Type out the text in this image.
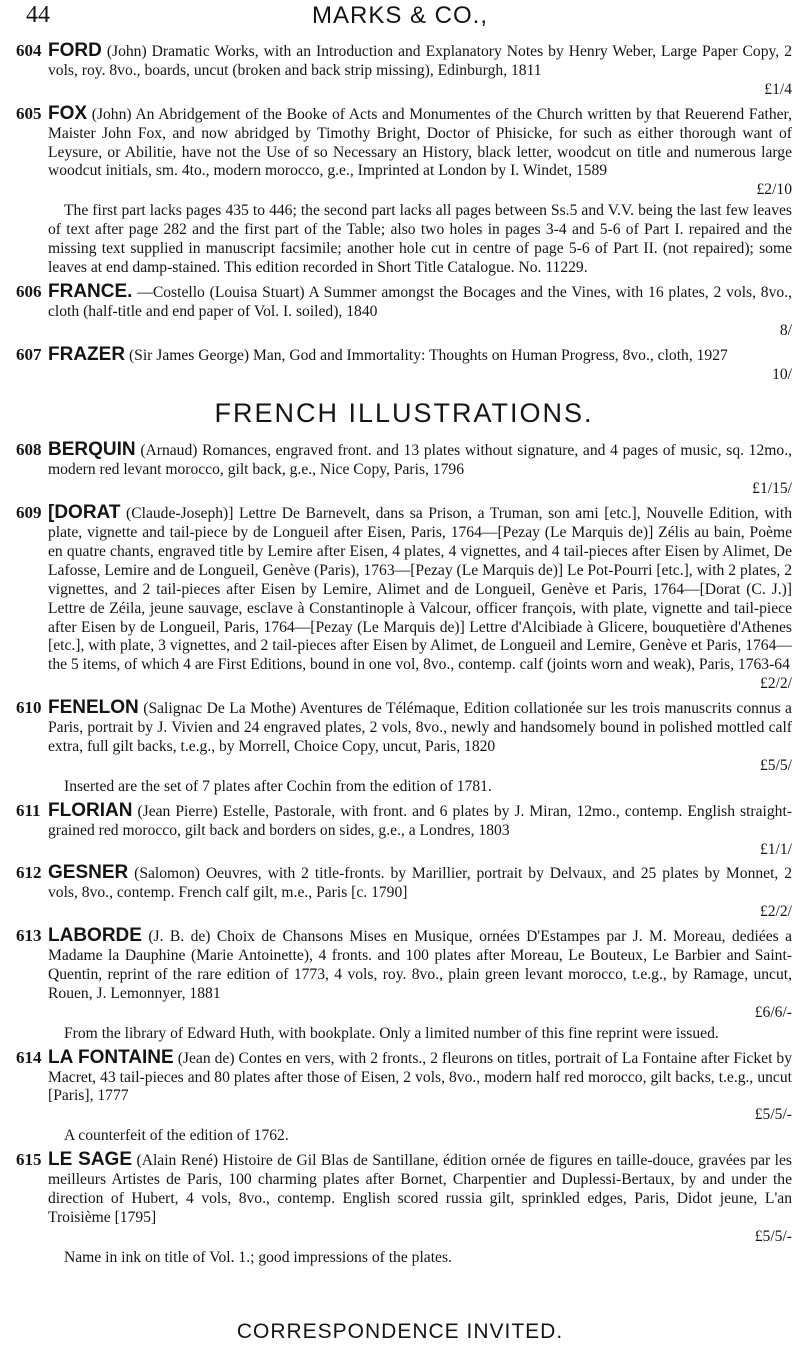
44	MARKS & CO.,
604 FORD (John) Dramatic Works, with an Introduction and Explanatory Notes by Henry Weber, Large Paper Copy, 2 vols, roy. 8vo., boards, uncut (broken and back strip missing), Edinburgh, 1811
£1/4
605 FOX (John) An Abridgement of the Booke of Acts and Monumentes of the Church written by that Reuerend Father, Maister John Fox, and now abridged by Timothy Bright, Doctor of Phisicke, for such as either thorough want of Leysure, or Abilitie, have not the Use of so Necessary an History, black letter, woodcut on title and numerous large woodcut initials, sm. 4to., modern morocco, g.e., Imprinted at London by I. Windet, 1589
£2/10
The first part lacks pages 435 to 446; the second part lacks all pages between Ss.5 and V.V. being the last few leaves of text after page 282 and the first part of the Table; also two holes in pages 3-4 and 5-6 of Part I. repaired and the missing text supplied in manuscript facsimile; another hole cut in centre of page 5-6 of Part II. (not repaired); some leaves at end damp-stained. This edition recorded in Short Title Catalogue. No. 11229.
606 FRANCE. —Costello (Louisa Stuart) A Summer amongst the Bocages and the Vines, with 16 plates, 2 vols, 8vo., cloth (half-title and end paper of Vol. I. soiled), 1840
8/
607 FRAZER (Sir James George) Man, God and Immortality: Thoughts on Human Progress, 8vo., cloth, 1927
10/
FRENCH ILLUSTRATIONS.
608 BERQUIN (Arnaud) Romances, engraved front. and 13 plates without signature, and 4 pages of music, sq. 12mo., modern red levant morocco, gilt back, g.e., Nice Copy, Paris, 1796
£1/15/
609 [DORAT (Claude-Joseph)] Lettre De Barnevelt, dans sa Prison, a Truman, son ami [etc.], Nouvelle Edition, with plate, vignette and tail-piece by de Longueil after Eisen, Paris, 1764—[Pezay (Le Marquis de)] Zélis au bain, Poème en quatre chants, engraved title by Lemire after Eisen, 4 plates, 4 vignettes, and 4 tail-pieces after Eisen by Alimet, De Lafosse, Lemire and de Longueil, Genève (Paris), 1763—[Pezay (Le Marquis de)] Le Pot-Pourri [etc.], with 2 plates, 2 vignettes, and 2 tail-pieces after Eisen by Lemire, Alimet and de Longueil, Genève et Paris, 1764—[Dorat (C. J.)] Lettre de Zéila, jeune sauvage, esclave à Constantinople à Valcour, officer françois, with plate, vignette and tail-piece after Eisen by de Longueil, Paris, 1764—[Pezay (Le Marquis de)] Lettre d'Alcibiade à Glicere, bouquetière d'Athenes [etc.], with plate, 3 vignettes, and 2 tail-pieces after Eisen by Alimet, de Longueil and Lemire, Genève et Paris, 1764—the 5 items, of which 4 are First Editions, bound in one vol, 8vo., contemp. calf (joints worn and weak), Paris, 1763-64
£2/2/
610 FENELON (Salignac De La Mothe) Aventures de Télémaque, Edition collationée sur les trois manuscrits connus a Paris, portrait by J. Vivien and 24 engraved plates, 2 vols, 8vo., newly and handsomely bound in polished mottled calf extra, full gilt backs, t.e.g., by Morrell, Choice Copy, uncut, Paris, 1820
£5/5/
Inserted are the set of 7 plates after Cochin from the edition of 1781.
611 FLORIAN (Jean Pierre) Estelle, Pastorale, with front. and 6 plates by J. Miran, 12mo., contemp. English straight-grained red morocco, gilt back and borders on sides, g.e., a Londres, 1803
£1/1/
612 GESNER (Salomon) Oeuvres, with 2 title-fronts. by Marillier, portrait by Delvaux, and 25 plates by Monnet, 2 vols, 8vo., contemp. French calf gilt, m.e., Paris [c. 1790]
£2/2/
613 LABORDE (J. B. de) Choix de Chansons Mises en Musique, ornées D'Estampes par J. M. Moreau, dediées a Madame la Dauphine (Marie Antoinette), 4 fronts. and 100 plates after Moreau, Le Bouteux, Le Barbier and Saint-Quentin, reprint of the rare edition of 1773, 4 vols, roy. 8vo., plain green levant morocco, t.e.g., by Ramage, uncut, Rouen, J. Lemonnyer, 1881
£6/6/-
From the library of Edward Huth, with bookplate. Only a limited number of this fine reprint were issued.
614 LA FONTAINE (Jean de) Contes en vers, with 2 fronts., 2 fleurons on titles, portrait of La Fontaine after Ficket by Macret, 43 tail-pieces and 80 plates after those of Eisen, 2 vols, 8vo., modern half red morocco, gilt backs, t.e.g., uncut [Paris], 1777
£5/5/-
A counterfeit of the edition of 1762.
615 LE SAGE (Alain René) Histoire de Gil Blas de Santillane, édition ornée de figures en taille-douce, gravées par les meilleurs Artistes de Paris, 100 charming plates after Bornet, Charpentier and Duplessi-Bertaux, by and under the direction of Hubert, 4 vols, 8vo., contemp. English scored russia gilt, sprinkled edges, Paris, Didot jeune, L'an Troisième [1795]
£5/5/-
Name in ink on title of Vol. 1.; good impressions of the plates.
CORRESPONDENCE INVITED.
